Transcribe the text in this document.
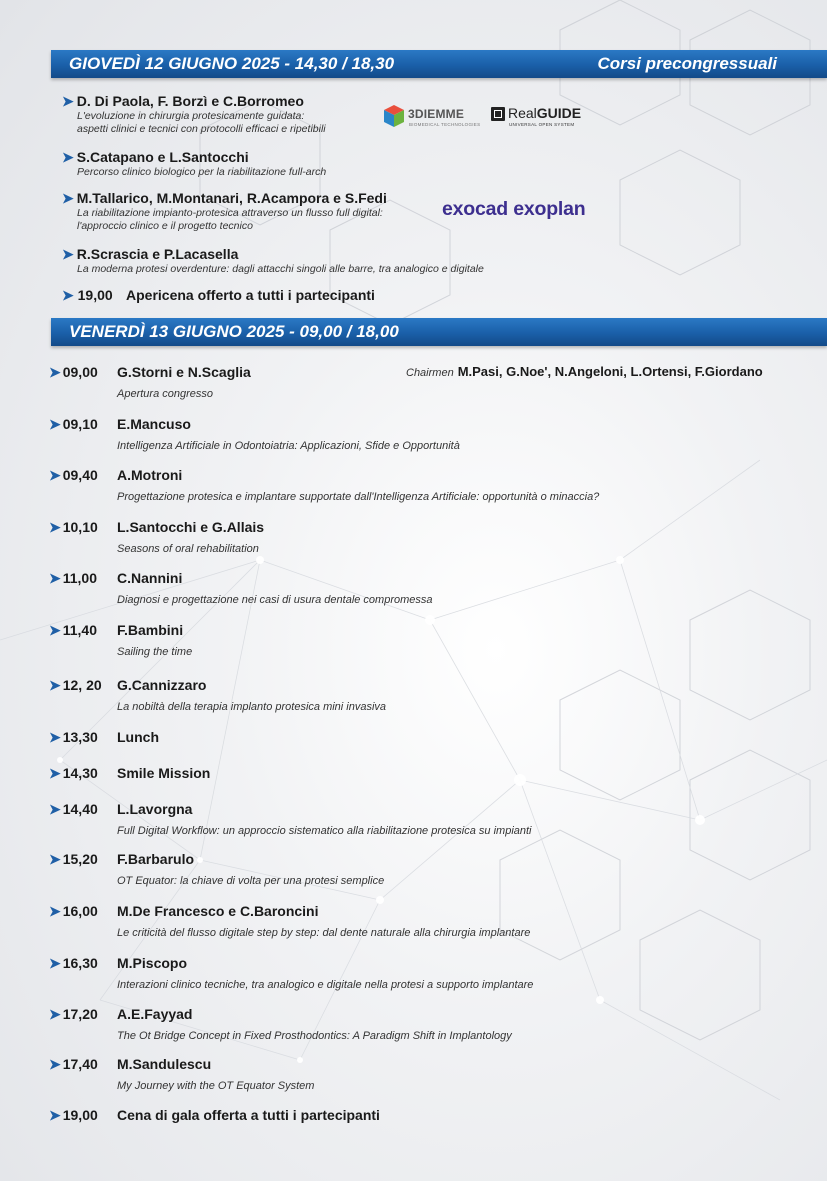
GIOVEDÌ 12 GIUGNO 2025 - 14,30 / 18,30	Corsi precongressuali
➤ D. Di Paola, F. Borzì e C.Borromeo
L'evoluzione in chirurgia protesicamente guidata:
aspetti clinici e tecnici con protocolli efficaci e ripetibili
➤ S.Catapano e L.Santocchi
Percorso clinico biologico per la riabilitazione full-arch
➤ M.Tallarico, M.Montanari, R.Acampora e S.Fedi
La riabilitazione impianto-protesica attraverso un flusso full digital:
l'approccio clinico e il progetto tecnico
➤ R.Scrascia e P.Lacasella
La moderna protesi overdenture: dagli attacchi singoli alle barre, tra analogico e digitale
➤ 19,00 Apericena offerto a tutti i partecipanti
3DIEMME
BIOMEDICAL TECHNOLOGIES
RealGUIDE
UNIVERSAL OPEN SYSTEM
exocad exoplan
VENERDÌ 13 GIUGNO 2025 - 09,00 / 18,00
Chairmen M.Pasi, G.Noe', N.Angeloni, L.Ortensi, F.Giordano
➤ 09,00 G.Storni e N.Scaglia
Apertura congresso
➤ 09,10 E.Mancuso
Intelligenza Artificiale in Odontoiatria: Applicazioni, Sfide e Opportunità
➤ 09,40 A.Motroni
Progettazione protesica e implantare supportate dall'Intelligenza Artificiale: opportunità o minaccia?
➤ 10,10 L.Santocchi e G.Allais
Seasons of oral rehabilitation
➤ 11,00 C.Nannini
Diagnosi e progettazione nei casi di usura dentale compromessa
➤ 11,40 F.Bambini
Sailing the time
➤ 12, 20 G.Cannizzaro
La nobiltà della terapia implanto protesica mini invasiva
➤ 13,30 Lunch
➤ 14,30 Smile Mission
➤ 14,40 L.Lavorgna
Full Digital Workflow: un approccio sistematico alla riabilitazione protesica su impianti
➤ 15,20 F.Barbarulo
OT Equator: la chiave di volta per una protesi semplice
➤ 16,00 M.De Francesco e C.Baroncini
Le criticità del flusso digitale step by step: dal dente naturale alla chirurgia implantare
➤ 16,30 M.Piscopo
Interazioni clinico tecniche, tra analogico e digitale nella protesi a supporto implantare
➤ 17,20 A.E.Fayyad
The Ot Bridge Concept in Fixed Prosthodontics: A Paradigm Shift in Implantology
➤ 17,40 M.Sandulescu
My Journey with the OT Equator System
➤ 19,00 Cena di gala offerta a tutti i partecipanti
